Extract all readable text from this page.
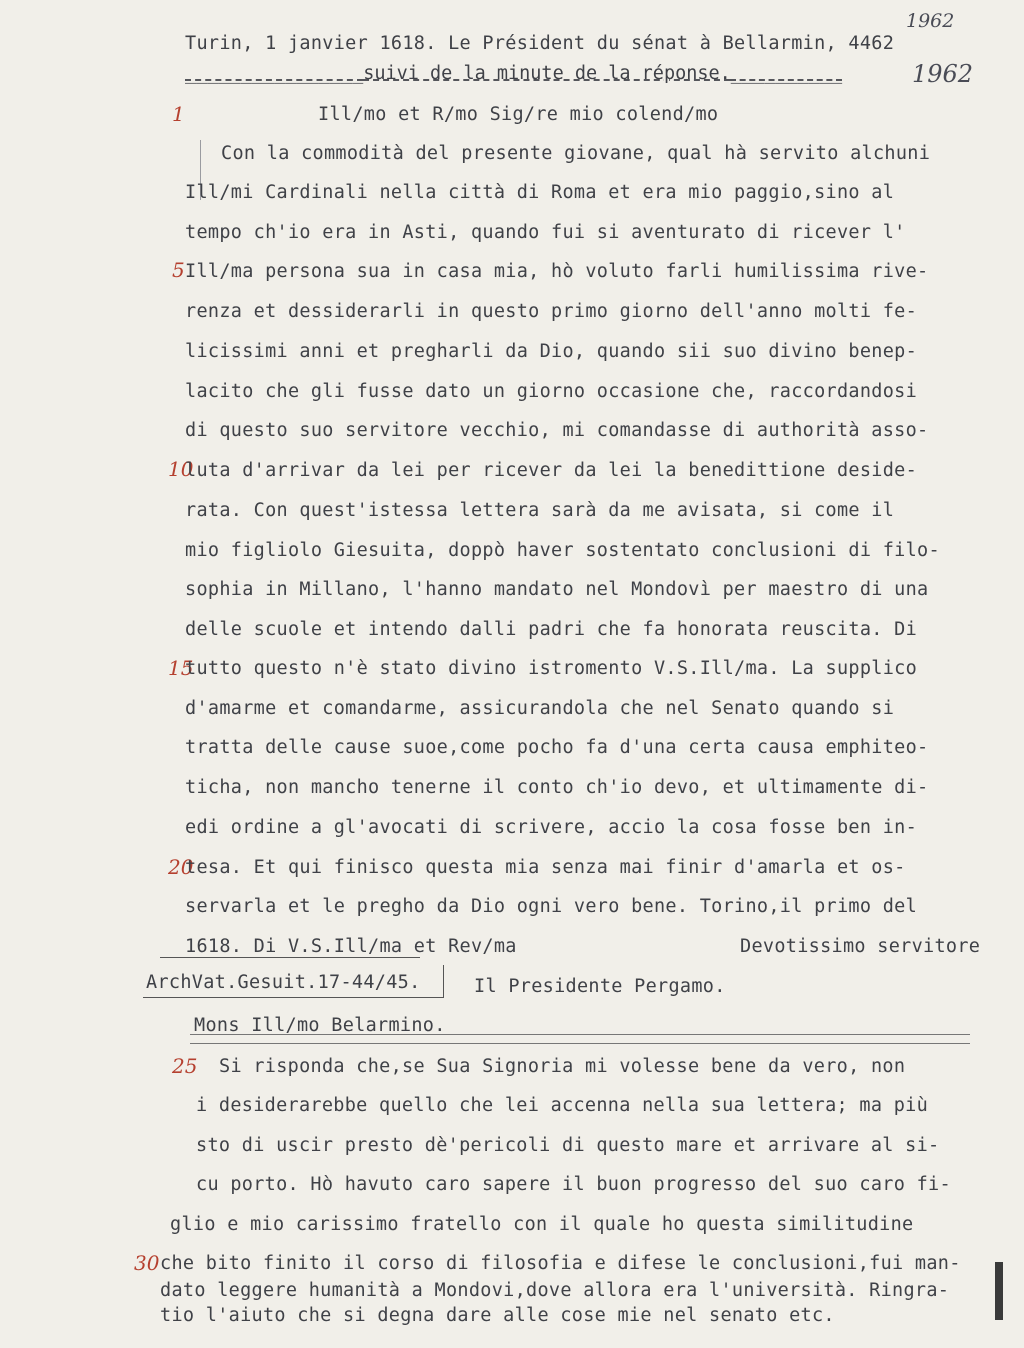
1962
Turin, 1 janvier 1618. Le Président du sénat à Bellarmin, 4462
________________suivi de la minute de la réponse.__________	1962
1	Ill/mo et R/mo Sig/re mio colend/mo
Con la commodità del presente giovane, qual hà servito alchuni
Ill/mi Cardinali nella città di Roma et era mio paggio,sino al
tempo ch'io era in Asti, quando fui si aventurato di ricever l'
5 Ill/ma persona sua in casa mia, hò voluto farli humilissima rive-
renza et dessiderarli in questo primo giorno dell'anno molti fe-
licissimi anni et pregharli da Dio, quando sii suo divino benep-
lacito che gli fusse dato un giorno occasione che, raccordandosi
di questo suo servitore vecchio, mi comandasse di authorità asso-
10
luta d'arrivar da lei per ricever da lei la benedittione deside-
rata. Con quest'istessa lettera sarà da me avisata, si come il
mio figliolo Giesuita, doppò haver sostentato conclusioni di filo-
sophia in Millano, l'hanno mandato nel Mondovì per maestro di una
delle scuole et intendo dalli padri che fa honorata reuscita. Di
15
tutto questo n'è stato divino istromento V.S.Ill/ma. La supplico
d'amarme et comandarme, assicurandola che nel Senato quando si
tratta delle cause suoe,come pocho fa d'una certa causa emphiteo-
ticha, non mancho tenerne il conto ch'io devo, et ultimamente di-
edi ordine a gl'avocati di scrivere, accio la cosa fosse ben in-
20
tesa. Et qui finisco questa mia senza mai finir d'amarla et os-
servarla et le pregho da Dio ogni vero bene. Torino,il primo del
1618. Di V.S.Ill/ma et Rev/ma	Devotissimo servitore
ArchVat.Gesuit.17-44/45.	Il Presidente Pergamo.
Mons Ill/mo Belarmino.
25 Si risponda che,se Sua Signoria mi volesse bene da vero, non
i desiderarebbe quello che lei accenna nella sua lettera; ma più
sto di uscir presto dè'pericoli di questo mare et arrivare al si-
cu porto. Hò havuto caro sapere il buon progresso del suo caro fi-
glio e mio carissimo fratello con il quale ho questa similitudine
30 che bito finito il corso di filosofia e difese le conclusioni,fui man-
dato leggere humanità a Mondovi,dove allora era l'università. Ringra-
tio l'aiuto che si degna dare alle cose mie nel senato etc.
